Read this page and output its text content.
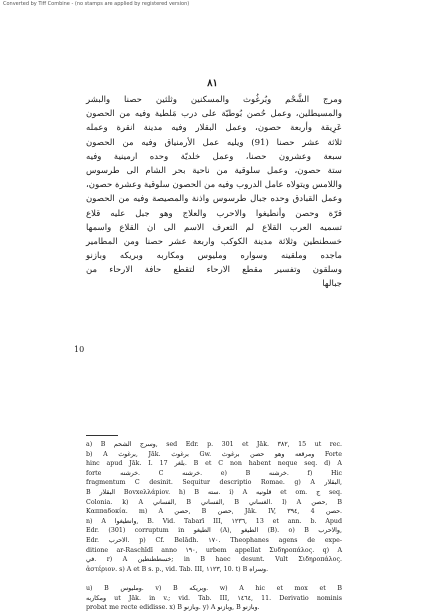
Converted by Tiff Combine - (no stamps are applied by registered version)
٨١
ومرج الشَّحْم وبُرغُوث والمسكنين وثلثين حصنا والبشر
والمسيطلين، وعمل حُصن بُوطيّة على درب مَلطية وفيه من الحصون
عَرِيقة وأربعة حصون، وعمل البقلار وفيه مدينة انقرة وعمله
ثلاثة عشر حصنا (91) ويليه عمل الأرمنياق وفيه من الحصون
سبعة وعشرون حصنا، وعمل خلديّة وحده ارمينية وفيه
ستة حصون، وعمل سلوقية من ناحية بحر الشام الى طرسوس
واللامس ويتولاه عامل الدروب وفيه من الحصون سلوقية وعشرة حصون،
وعمل القبادق وحده جبال طرسوس واذنة والمصيصة وفيه من الحصون
قرّة وحصن وأنطيغوا والاحرب والعلاج وهو جبل عليه قلاع
تسميه العرب القلاع لم التعرف الاسم الى ان القلاع واسمها
خسطنطين وثلاثة مدينة الكوكب واربعة عشر حصنا ومن المطامير
ماجده وملقينه وسواره ومليوس ومكاربه وبريكه وبازنو
وسلقون وتفسير مقطع الارحاء لتقطع حافة الارحاء من
جبالها
10
a) B وسرج الشحم, sed Edr. p. 301 et Jāk. ٣٨٢, 15 ut rec.
b) A برغوث, Jāk. برغوث Gw. ومرقعه وهو حصن برغوث Forte
hinc apud Jāk. I. 17 بلغر. B et C non habent neque seq. d) A
forte خرشنه. C خرشنه. e) B خرشنه. f) Hic
fragmentum C desinit. Sequitur descriptio Romae. g) A البقلار,
B البقلار Bovxeλλάpiov. h) B سته. i) A قلونيه et om. ج seq.
Colonia. k) A الفساني, B الفساني, B الغساني. l) A حصن, B
Καππαδοκία. m) A حصن, B حصن, Jāk. IV, ٣٩٤, 4 حصن.
n) A وانطيغوا, B. Vid. Tabarī III, ١٢٣٦, 13 et ann. b. Apud
Edr. (301) corruptum in الطيغو (A), الطيغو (B). o) B والاحرب,
Edr. الاحرب. p) Cf. Belādh. ١٧٠. Theophanes agens de expe-
ditione ar-Raschīdī anno ١٩٠, urbem appellat Συδηροπάλος. q) A
في. r) A خسططنطين; in B haec desunt. Vult Σιδηροπάλος.
ἀστέριον. s) A et B s. p., vid. Tab. III, ١١٢٣, 10. t) B وسراه.
u) B ومليوس. v) B وبريكه. w) A hic et mox et B
ومكاربه ut Jāk. in v.; vid. Tab. III, ١٤٦٤, 11. Derivatio nominis
probat me recte edidisse. x) B وبازنو. y) A وبازنو, B وبازنو.
